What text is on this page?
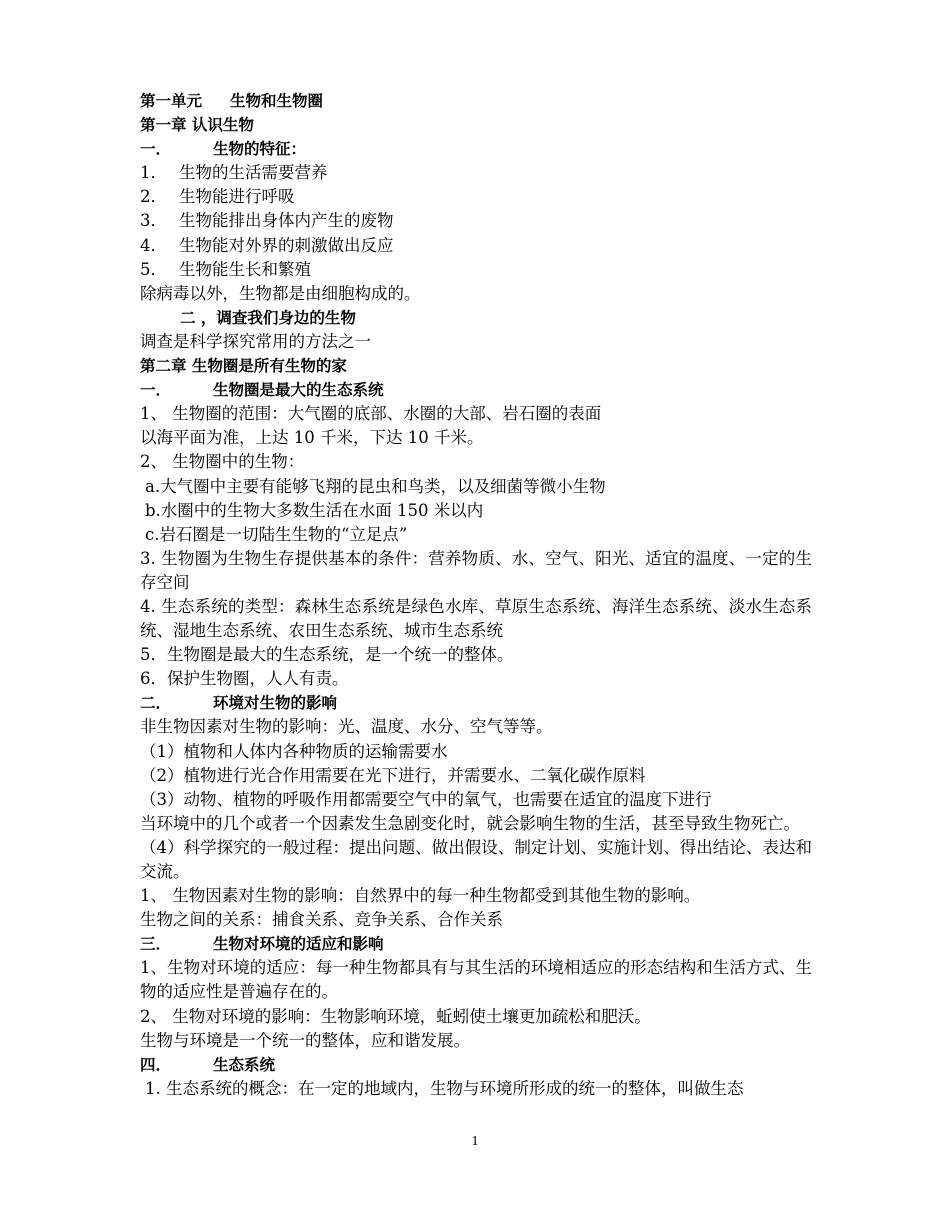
第一单元 生物和生物圈

第一章 认识生物

一．	生物的特征：

1． 生物的生活需要营养

2． 生物能进行呼吸

3． 生物能排出身体内产生的废物

4． 生物能对外界的刺激做出反应

5． 生物能生长和繁殖

除病毒以外，生物都是由细胞构成的。

二 ，调查我们身边的生物

调查是科学探究常用的方法之一

第二章 生物圈是所有生物的家

一．	生物圈是最大的生态系统

1、 生物圈的范围：大气圈的底部、水圈的大部、岩石圈的表面

以海平面为准，上达 10 千米，下达 10 千米。

2、 生物圈中的生物：

a.大气圈中主要有能够飞翔的昆虫和鸟类，以及细菌等微小生物

b.水圈中的生物大多数生活在水面 150 米以内

c.岩石圈是一切陆生生物的“立足点”

3. 生物圈为生物生存提供基本的条件：营养物质、水、空气、阳光、适宜的温度、一定的生存空间

4. 生态系统的类型：森林生态系统是绿色水库、草原生态系统、海洋生态系统、淡水生态系统、湿地生态系统、农田生态系统、城市生态系统

5．生物圈是最大的生态系统，是一个统一的整体。

6．保护生物圈，人人有责。

二．	环境对生物的影响

非生物因素对生物的影响：光、温度、水分、空气等等。

（1）植物和人体内各种物质的运输需要水

（2）植物进行光合作用需要在光下进行，并需要水、二氧化碳作原料

（3）动物、植物的呼吸作用都需要空气中的氧气，也需要在适宜的温度下进行

当环境中的几个或者一个因素发生急剧变化时，就会影响生物的生活，甚至导致生物死亡。

（4）科学探究的一般过程：提出问题、做出假设、制定计划、实施计划、得出结论、表达和交流。

1、 生物因素对生物的影响：自然界中的每一种生物都受到其他生物的影响。

生物之间的关系：捕食关系、竞争关系、合作关系

三．	生物对环境的适应和影响

1、生物对环境的适应：每一种生物都具有与其生活的环境相适应的形态结构和生活方式、生物的适应性是普遍存在的。

2、 生物对环境的影响：生物影响环境，蚯蚓使土壤更加疏松和肥沃。

生物与环境是一个统一的整体，应和谐发展。

四．	生态系统

1. 生态系统的概念：在一定的地域内，生物与环境所形成的统一的整体，叫做生态

1
